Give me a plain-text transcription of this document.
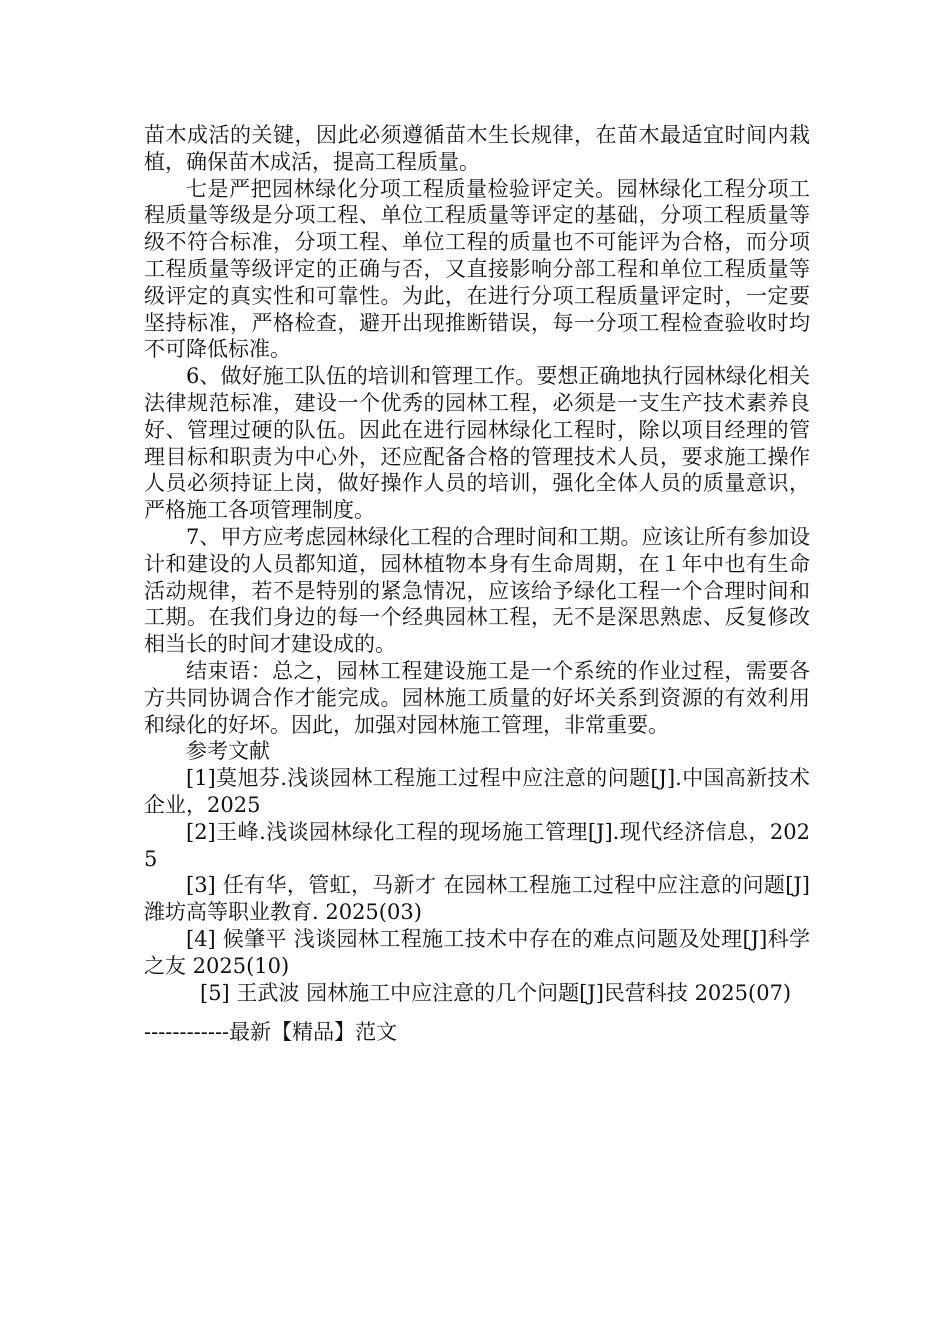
苗木成活的关键，因此必须遵循苗木生长规律，在苗木最适宜时间内栽植，确保苗木成活，提高工程质量。

七是严把园林绿化分项工程质量检验评定关。园林绿化工程分项工程质量等级是分项工程、单位工程质量等评定的基础，分项工程质量等级不符合标准，分项工程、单位工程的质量也不可能评为合格，而分项工程质量等级评定的正确与否，又直接影响分部工程和单位工程质量等级评定的真实性和可靠性。为此，在进行分项工程质量评定时，一定要坚持标准，严格检查，避开出现推断错误，每一分项工程检查验收时均不可降低标准。

6、做好施工队伍的培训和管理工作。要想正确地执行园林绿化相关法律规范标准，建设一个优秀的园林工程，必须是一支生产技术素养良好、管理过硬的队伍。因此在进行园林绿化工程时，除以项目经理的管理目标和职责为中心外，还应配备合格的管理技术人员，要求施工操作人员必须持证上岗，做好操作人员的培训，强化全体人员的质量意识，严格施工各项管理制度。

7、甲方应考虑园林绿化工程的合理时间和工期。应该让所有参加设计和建设的人员都知道，园林植物本身有生命周期，在１年中也有生命活动规律，若不是特别的紧急情况，应该给予绿化工程一个合理时间和工期。在我们身边的每一个经典园林工程，无不是深思熟虑、反复修改相当长的时间才建设成的。

结束语：总之，园林工程建设施工是一个系统的作业过程，需要各方共同协调合作才能完成。园林施工质量的好坏关系到资源的有效利用和绿化的好坏。因此，加强对园林施工管理，非常重要。

参考文献

[1]莫旭芬.浅谈园林工程施工过程中应注意的问题[J].中国高新技术企业，2025

[2]王峰.浅谈园林绿化工程的现场施工管理[J].现代经济信息，2025

[3] 任有华，管虹，马新才 在园林工程施工过程中应注意的问题[J]潍坊高等职业教育. 2025(03)

[4] 候肇平 浅谈园林工程施工技术中存在的难点问题及处理[J]科学之友 2025(10)

[5] 王武波 园林施工中应注意的几个问题[J]民营科技 2025(07)

------------最新【精品】范文
